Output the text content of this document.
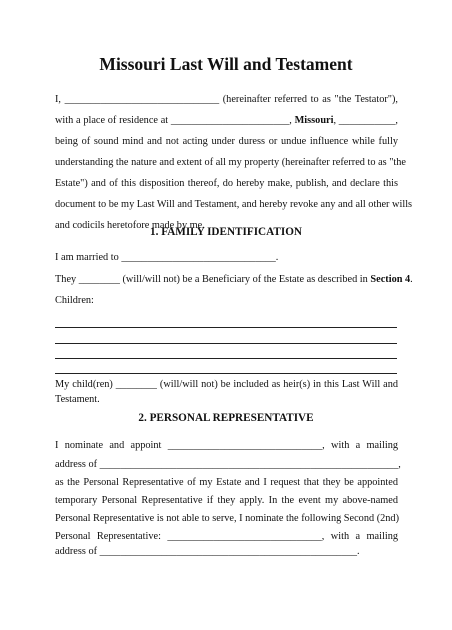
Missouri Last Will and Testament
I, ______________________________ (hereinafter referred to as "the Testator"),
with a place of residence at _______________________, Missouri, ___________,
being of sound mind and not acting under duress or undue influence while fully
understanding the nature and extent of all my property (hereinafter referred to as "the
Estate") and of this disposition thereof, do hereby make, publish, and declare this
document to be my Last Will and Testament, and hereby revoke any and all other wills
and codicils heretofore made by me.
1. FAMILY IDENTIFICATION
I am married to ______________________________.
They ________ (will/will not) be a Beneficiary of the Estate as described in Section 4.
Children:
My child(ren) ________ (will/will not) be included as heir(s) in this Last Will and
Testament.
2. PERSONAL REPRESENTATIVE
I nominate and appoint ______________________________, with a mailing
address of __________________________________________________________,
as the Personal Representative of my Estate and I request that they be appointed
temporary Personal Representative if they apply. In the event my above-named
Personal Representative is not able to serve, I nominate the following Second (2nd)
Personal Representative: ______________________________, with a mailing
address of __________________________________________________.
